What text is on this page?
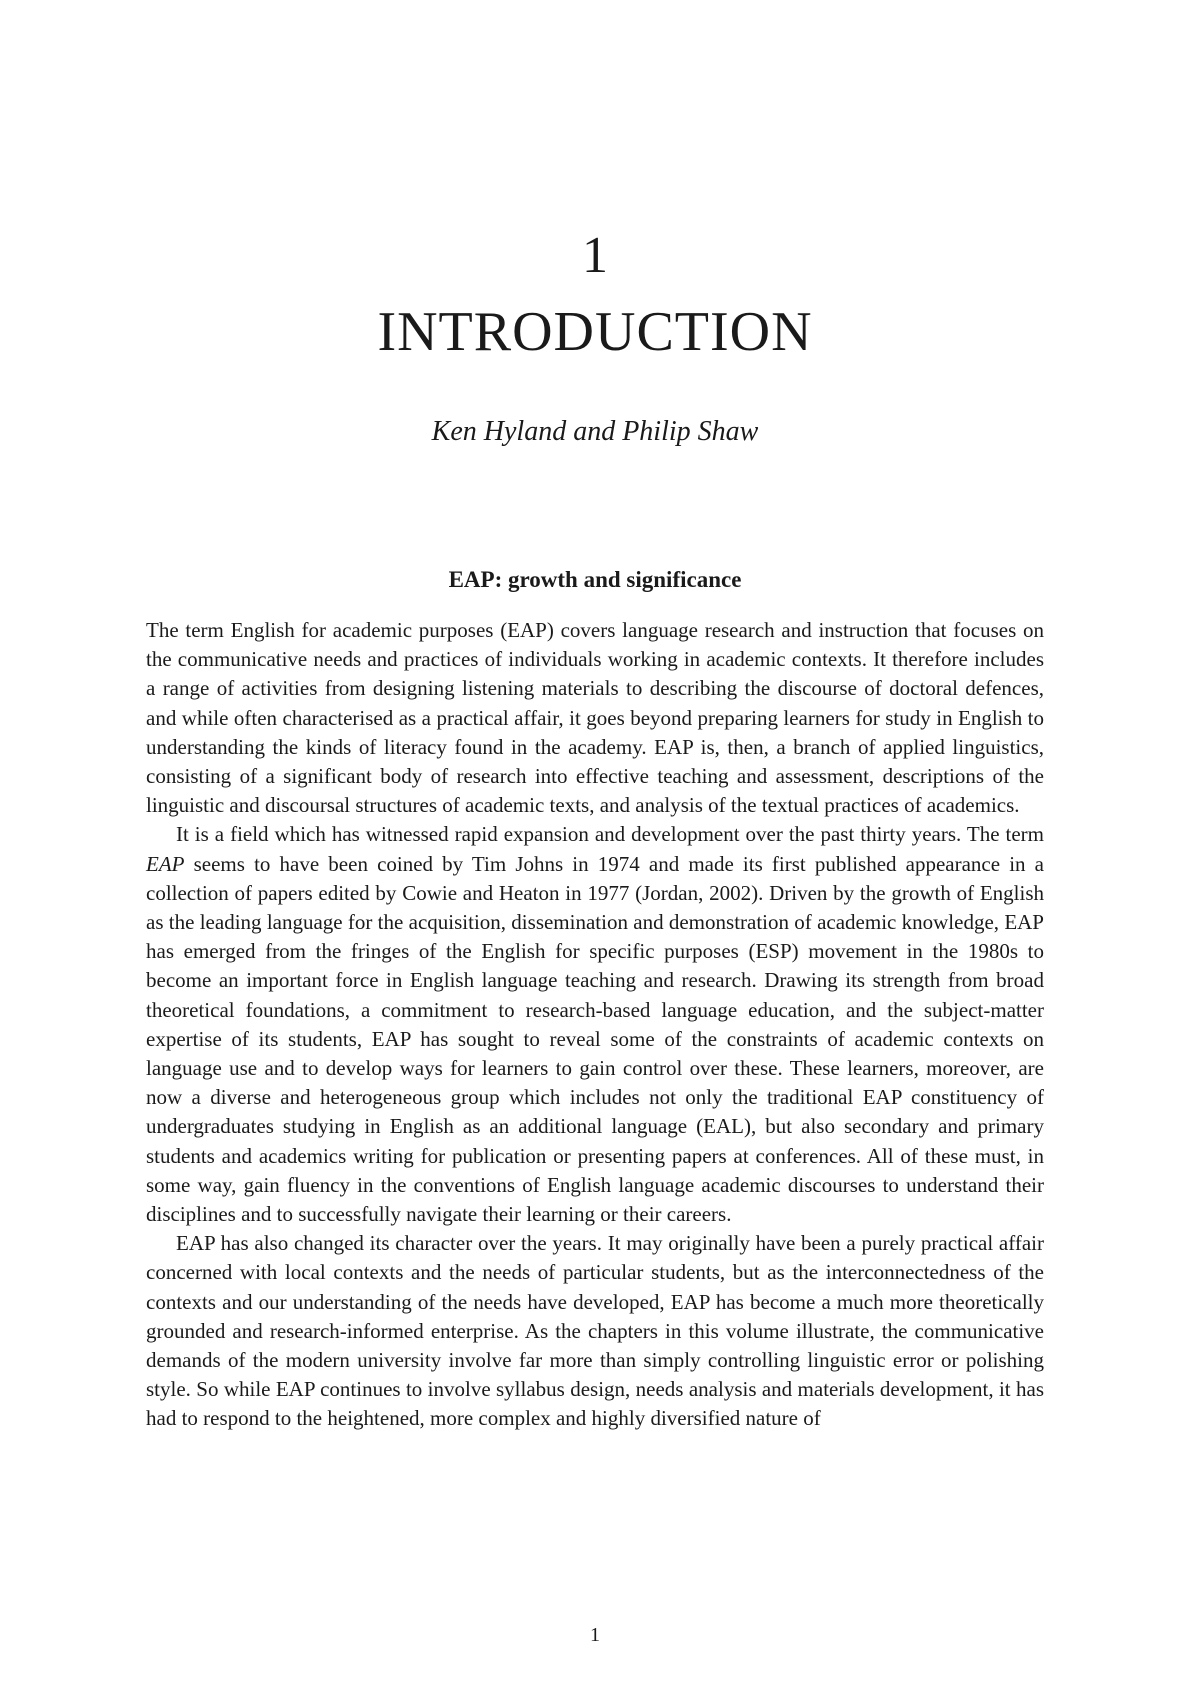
1
INTRODUCTION
Ken Hyland and Philip Shaw
EAP: growth and significance

The term English for academic purposes (EAP) covers language research and instruction that focuses on the communicative needs and practices of individuals working in academic contexts. It therefore includes a range of activities from designing listening materials to describing the discourse of doctoral defences, and while often characterised as a practical affair, it goes beyond preparing learners for study in English to understanding the kinds of literacy found in the academy. EAP is, then, a branch of applied linguistics, consisting of a significant body of research into effective teaching and assessment, descriptions of the linguistic and discoursal structures of academic texts, and analysis of the textual practices of academics.

It is a field which has witnessed rapid expansion and development over the past thirty years. The term EAP seems to have been coined by Tim Johns in 1974 and made its first published appearance in a collection of papers edited by Cowie and Heaton in 1977 (Jordan, 2002). Driven by the growth of English as the leading language for the acquisition, dissemination and demonstration of academic knowledge, EAP has emerged from the fringes of the English for specific purposes (ESP) movement in the 1980s to become an important force in English language teaching and research. Drawing its strength from broad theoretical foundations, a commitment to research-based language education, and the subject-matter expertise of its students, EAP has sought to reveal some of the constraints of academic contexts on language use and to develop ways for learners to gain control over these. These learners, moreover, are now a diverse and heterogeneous group which includes not only the traditional EAP constituency of undergraduates studying in English as an additional language (EAL), but also secondary and primary students and academics writing for publication or presenting papers at conferences. All of these must, in some way, gain fluency in the conventions of English language academic discourses to understand their disciplines and to successfully navigate their learning or their careers.

EAP has also changed its character over the years. It may originally have been a purely practical affair concerned with local contexts and the needs of particular students, but as the interconnectedness of the contexts and our understanding of the needs have developed, EAP has become a much more theoretically grounded and research-informed enterprise. As the chapters in this volume illustrate, the communicative demands of the modern university involve far more than simply controlling linguistic error or polishing style. So while EAP continues to involve syllabus design, needs analysis and materials development, it has had to respond to the heightened, more complex and highly diversified nature of

1
